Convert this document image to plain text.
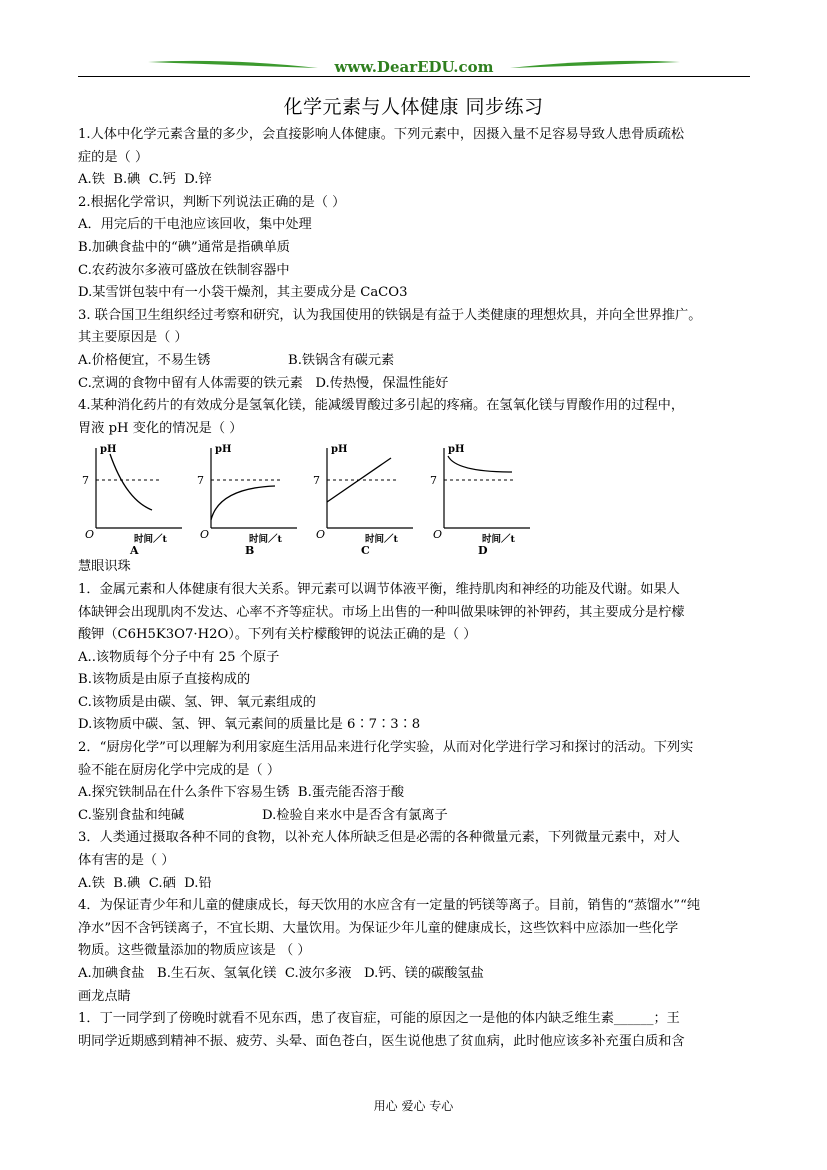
www.DearEDU.com
化学元素与人体健康 同步练习
1.人体中化学元素含量的多少，会直接影响人体健康。下列元素中，因摄入量不足容易导致人患骨质疏松
症的是（ ）
A.铁 B.碘 C.钙 D.锌
2.根据化学常识，判断下列说法正确的是（ ）
A．用完后的干电池应该回收，集中处理
B.加碘食盐中的“碘”通常是指碘单质
C.农药波尔多液可盛放在铁制容器中
D.某雪饼包装中有一小袋干燥剂，其主要成分是 CaCO3
3. 联合国卫生组织经过考察和研究，认为我国使用的铁锅是有益于人类健康的理想炊具，并向全世界推广。
其主要原因是（ ）
A.价格便宜，不易生锈	B.铁锅含有碳元素
C.烹调的食物中留有人体需要的铁元素 D.传热慢，保温性能好
4.某种消化药片的有效成分是氢氧化镁，能减缓胃酸过多引起的疼痛。在氢氧化镁与胃酸作用的过程中，
胃液 pH 变化的情况是（ ）
pH
7
O	时间／t
A
pH
7
O	时间／t
B
pH
7
O	时间／t
C
pH
7
O	时间／t
D
慧眼识珠
1．金属元素和人体健康有很大关系。钾元素可以调节体液平衡，维持肌肉和神经的功能及代谢。如果人
体缺钾会出现肌肉不发达、心率不齐等症状。市场上出售的一种叫做果味钾的补钾药，其主要成分是柠檬
酸钾（C6H5K3O7·H2O）。下列有关柠檬酸钾的说法正确的是（ ）
A..该物质每个分子中有 25 个原子
B.该物质是由原子直接构成的
C.该物质是由碳、氢、钾、氧元素组成的
D.该物质中碳、氢、钾、氧元素间的质量比是 6∶7∶3∶8
2．“厨房化学”可以理解为利用家庭生活用品来进行化学实验，从而对化学进行学习和探讨的活动。下列实
验不能在厨房化学中完成的是（ ）
A.探究铁制品在什么条件下容易生锈 B.蛋壳能否溶于酸
C.鉴别食盐和纯碱	D.检验自来水中是否含有氯离子
3．人类通过摄取各种不同的食物，以补充人体所缺乏但是必需的各种微量元素，下列微量元素中，对人
体有害的是（ ）
A.铁 B.碘 C.硒 D.铅
4．为保证青少年和儿童的健康成长，每天饮用的水应含有一定量的钙镁等离子。目前，销售的“蒸馏水”“纯
净水”因不含钙镁离子，不宜长期、大量饮用。为保证少年儿童的健康成长，这些饮料中应添加一些化学
物质。这些微量添加的物质应该是 （ ）
A.加碘食盐 B.生石灰、氢氧化镁 C.波尔多液 D.钙、镁的碳酸氢盐
画龙点睛
1．丁一同学到了傍晚时就看不见东西，患了夜盲症，可能的原因之一是他的体内缺乏维生素______；王
明同学近期感到精神不振、疲劳、头晕、面色苍白，医生说他患了贫血病，此时他应该多补充蛋白质和含
用心 爱心 专心
